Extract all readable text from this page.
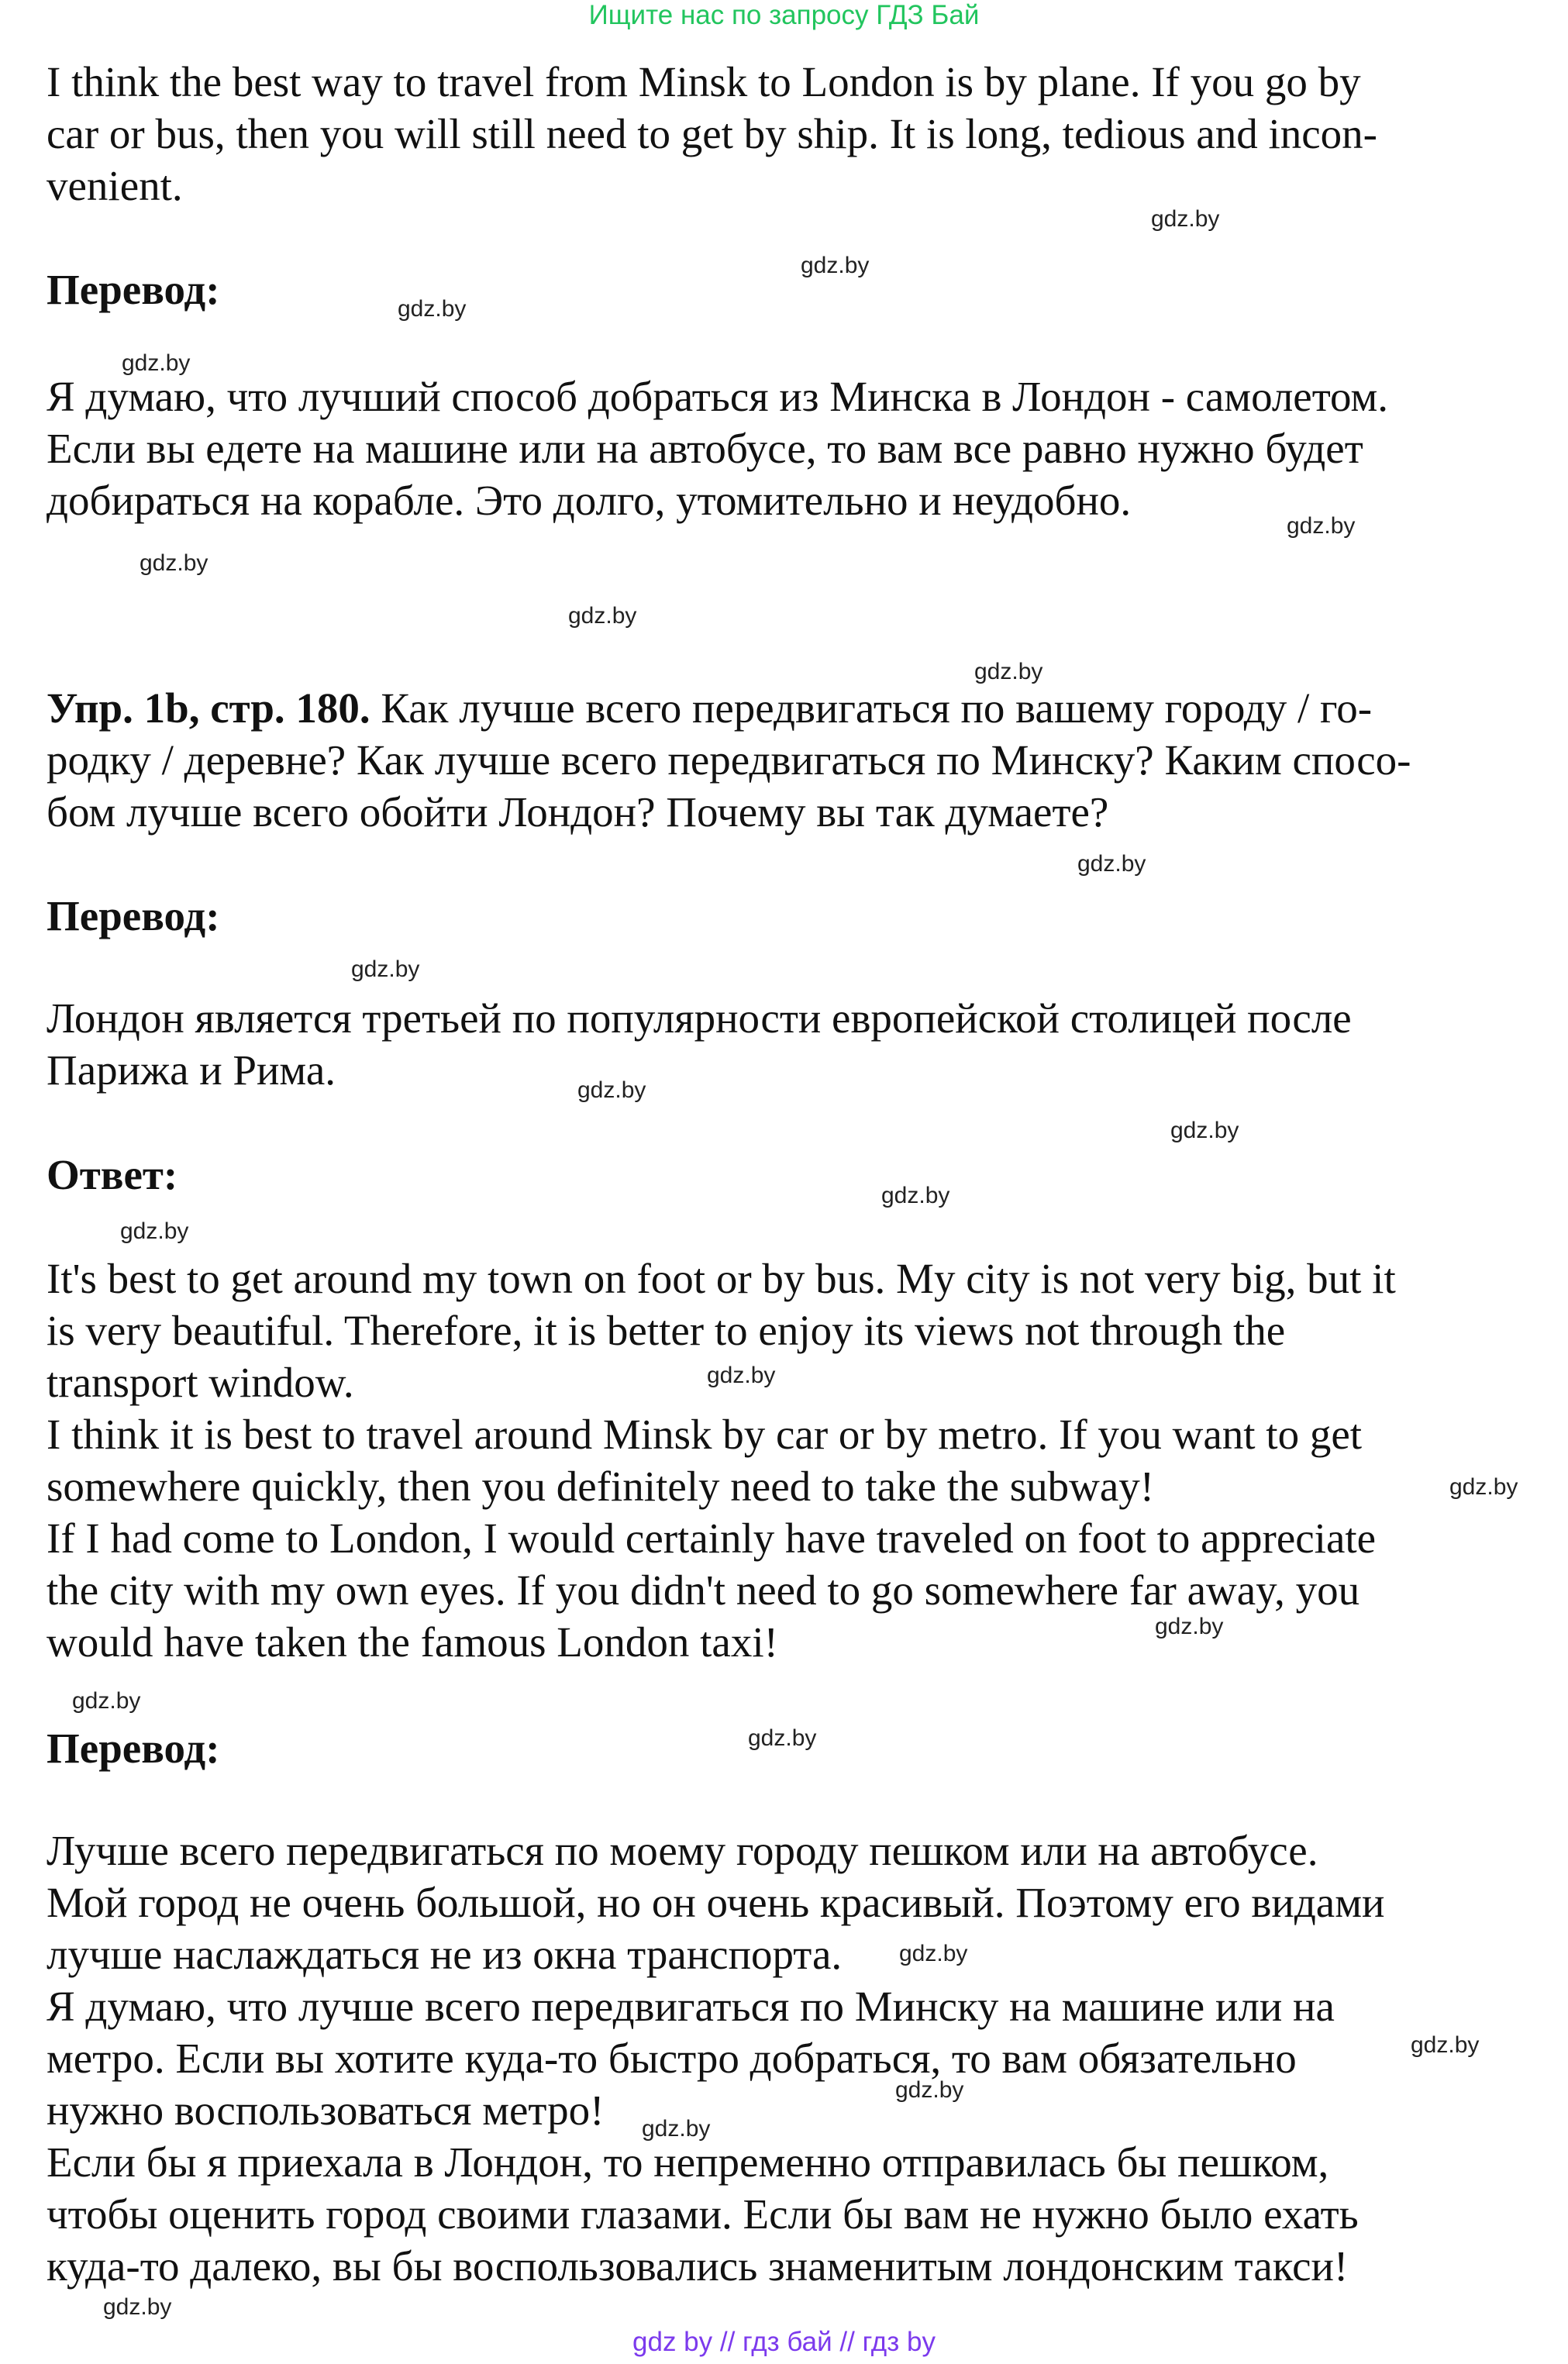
Ищите нас по запросу ГДЗ Бай
I think the best way to travel from Minsk to London is by plane. If you go by
car or bus, then you will still need to get by ship. It is long, tedious and incon-
venient.
Перевод:
Я думаю, что лучший способ добраться из Минска в Лондон - самолетом.
Если вы едете на машине или на автобусе, то вам все равно нужно будет
добираться на корабле. Это долго, утомительно и неудобно.
Упр. 1b, стр. 180. Как лучше всего передвигаться по вашему городу / го-
родку / деревне? Как лучше всего передвигаться по Минску? Каким спосо-
бом лучше всего обойти Лондон? Почему вы так думаете?
Перевод:
Лондон является третьей по популярности европейской столицей после
Парижа и Рима.
Ответ:
It's best to get around my town on foot or by bus. My city is not very big, but it
is very beautiful. Therefore, it is better to enjoy its views not through the
transport window.
I think it is best to travel around Minsk by car or by metro. If you want to get
somewhere quickly, then you definitely need to take the subway!
If I had come to London, I would certainly have traveled on foot to appreciate
the city with my own eyes. If you didn't need to go somewhere far away, you
would have taken the famous London taxi!
Перевод:
Лучше всего передвигаться по моему городу пешком или на автобусе.
Мой город не очень большой, но он очень красивый. Поэтому его видами
лучше наслаждаться не из окна транспорта.
Я думаю, что лучше всего передвигаться по Минску на машине или на
метро. Если вы хотите куда-то быстро добраться, то вам обязательно
нужно воспользоваться метро!
Если бы я приехала в Лондон, то непременно отправилась бы пешком,
чтобы оценить город своими глазами. Если бы вам не нужно было ехать
куда-то далеко, вы бы воспользовались знаменитым лондонским такси!
gdz.by
gdz.by
gdz.by
gdz.by
gdz.by
gdz.by
gdz.by
gdz.by
gdz.by
gdz.by
gdz.by
gdz.by
gdz.by
gdz.by
gdz.by
gdz.by
gdz.by
gdz.by
gdz.by
gdz.by
gdz.by
gdz.by
gdz.by
gdz.by
gdz by // гдз бай // гдз by
